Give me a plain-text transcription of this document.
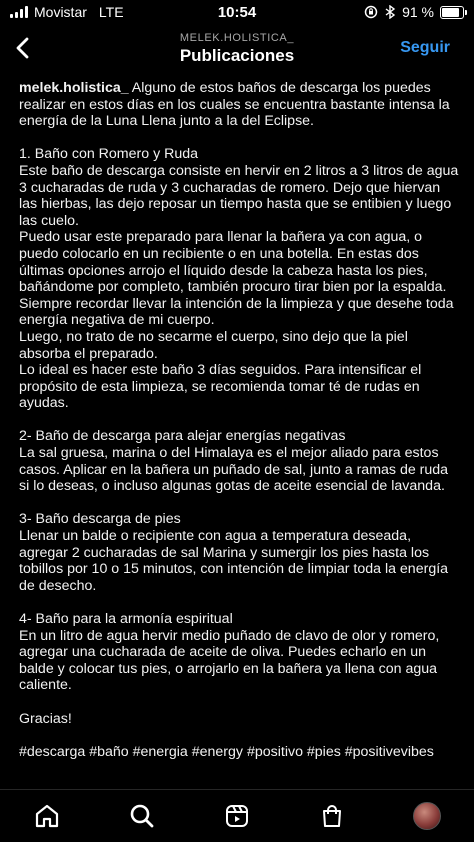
Movistar LTE	10:54	91 %
MELEK.HOLISTICA_
Publicaciones	Seguir

melek.holistica_ Alguno de estos baños de descarga los puedes realizar en estos días en los cuales se encuentra bastante intensa la energía de la Luna Llena junto a la del Eclipse.

1. Baño con Romero y Ruda

Este baño de descarga consiste en hervir en 2 litros a 3 litros de agua 3 cucharadas de ruda y 3 cucharadas de romero. Dejo que hiervan las hierbas, las dejo reposar un tiempo hasta que se entibien y luego las cuelo.

Puedo usar este preparado para llenar la bañera ya con agua, o puedo colocarlo en un recibiente o en una botella. En estas dos últimas opciones arrojo el líquido desde la cabeza hasta los pies, bañándome por completo, también procuro tirar bien por la espalda. Siempre recordar llevar la intención de la limpieza y que desehe toda energía negativa de mi cuerpo.

Luego, no trato de no secarme el cuerpo, sino dejo que la piel absorba el preparado.

Lo ideal es hacer este baño 3 días seguidos. Para intensificar el propósito de esta limpieza, se recomienda tomar té de rudas en ayudas.

2- Baño de descarga para alejar energías negativas

La sal gruesa, marina o del Himalaya es el mejor aliado para estos casos. Aplicar en la bañera un puñado de sal, junto a ramas de ruda si lo deseas, o incluso algunas gotas de aceite esencial de lavanda.

3- Baño descarga de pies

Llenar un balde o recipiente con agua a temperatura deseada, agregar 2 cucharadas de sal Marina y sumergir los pies hasta los tobillos por 10 o 15 minutos, con intención de limpiar toda la energía de desecho.

4- Baño para la armonía espiritual

En un litro de agua hervir medio puñado de clavo de olor y romero, agregar una cucharada de aceite de oliva. Puedes echarlo en un balde y colocar tus pies, o arrojarlo en la bañera ya llena con agua caliente.

Gracias!

#descarga #baño #energia #energy #positivo #pies #positivevibes
